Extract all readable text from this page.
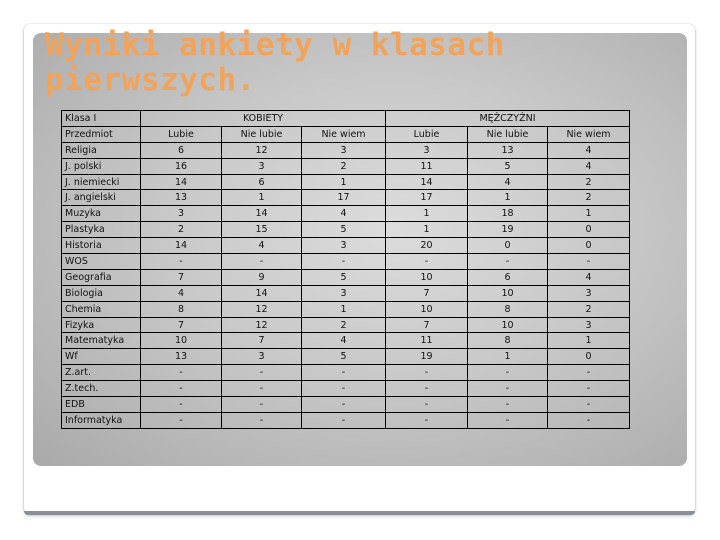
Wyniki ankiety w klasach pierwszych.
Klasa I	KOBIETY			MĘŻCZYŹNI		
Przedmiot	Lubie	Nie lubie	Nie wiem	Lubie	Nie lubie	Nie wiem
Religia	6	12	3	3	13	4
J. polski	16	3	2	11	5	4
J. niemiecki	14	6	1	14	4	2
J. angielski	13	1	17	17	1	2
Muzyka	3	14	4	1	18	1
Plastyka	2	15	5	1	19	0
Historia	14	4	3	20	0	0
WOS	-	-	-	-	-	-
Geografia	7	9	5	10	6	4
Biologia	4	14	3	7	10	3
Chemia	8	12	1	10	8	2
Fizyka	7	12	2	7	10	3
Matematyka	10	7	4	11	8	1
Wf	13	3	5	19	1	0
Z.art.	-	-	-	-	-	-
Z.tech.	-	-	-	-	-	-
EDB	-	-	-	-	-	-
Informatyka	-	-	-	-	-	-
